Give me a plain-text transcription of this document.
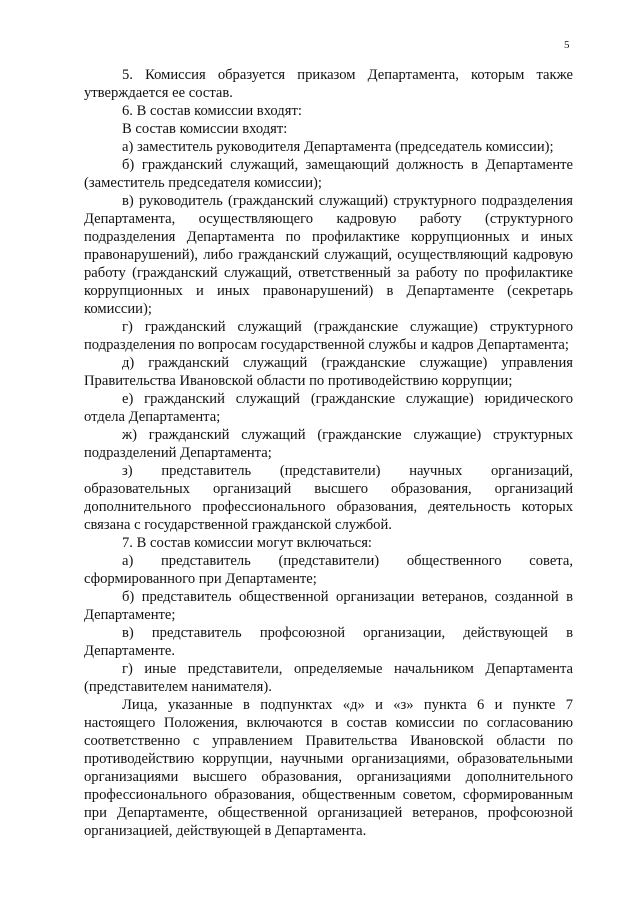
5

5. Комиссия образуется приказом Департамента, которым также утверждается ее состав.

6. В состав комиссии входят:

В состав комиссии входят:

а) заместитель руководителя Департамента (председатель комиссии);

б) гражданский служащий, замещающий должность в Департаменте (заместитель председателя комиссии);

в) руководитель (гражданский служащий) структурного подразделения Департамента, осуществляющего кадровую работу (структурного подразделения Департамента по профилактике коррупционных и иных правонарушений), либо гражданский служащий, осуществляющий кадровую работу (гражданский служащий, ответственный за работу по профилактике коррупционных и иных правонарушений) в Департаменте (секретарь комиссии);

г) гражданский служащий (гражданские служащие) структурного подразделения по вопросам государственной службы и кадров Департамента;

д) гражданский служащий (гражданские служащие) управления Правительства Ивановской области по противодействию коррупции;

е) гражданский служащий (гражданские служащие) юридического отдела Департамента;

ж) гражданский служащий (гражданские служащие) структурных подразделений Департамента;

з) представитель (представители) научных организаций, образовательных организаций высшего образования, организаций дополнительного профессионального образования, деятельность которых связана с государственной гражданской службой.

7. В состав комиссии могут включаться:

а) представитель (представители) общественного совета, сформированного при Департаменте;

б) представитель общественной организации ветеранов, созданной в Департаменте;

в) представитель профсоюзной организации, действующей в Департаменте.

г) иные представители, определяемые начальником Департамента (представителем нанимателя).

Лица, указанные в подпунктах «д» и «з» пункта 6 и пункте 7 настоящего Положения, включаются в состав комиссии по согласованию соответственно с управлением Правительства Ивановской области по противодействию коррупции, научными организациями, образовательными организациями высшего образования, организациями дополнительного профессионального образования, общественным советом, сформированным при Департаменте, общественной организацией ветеранов, профсоюзной организацией, действующей в Департамента.
